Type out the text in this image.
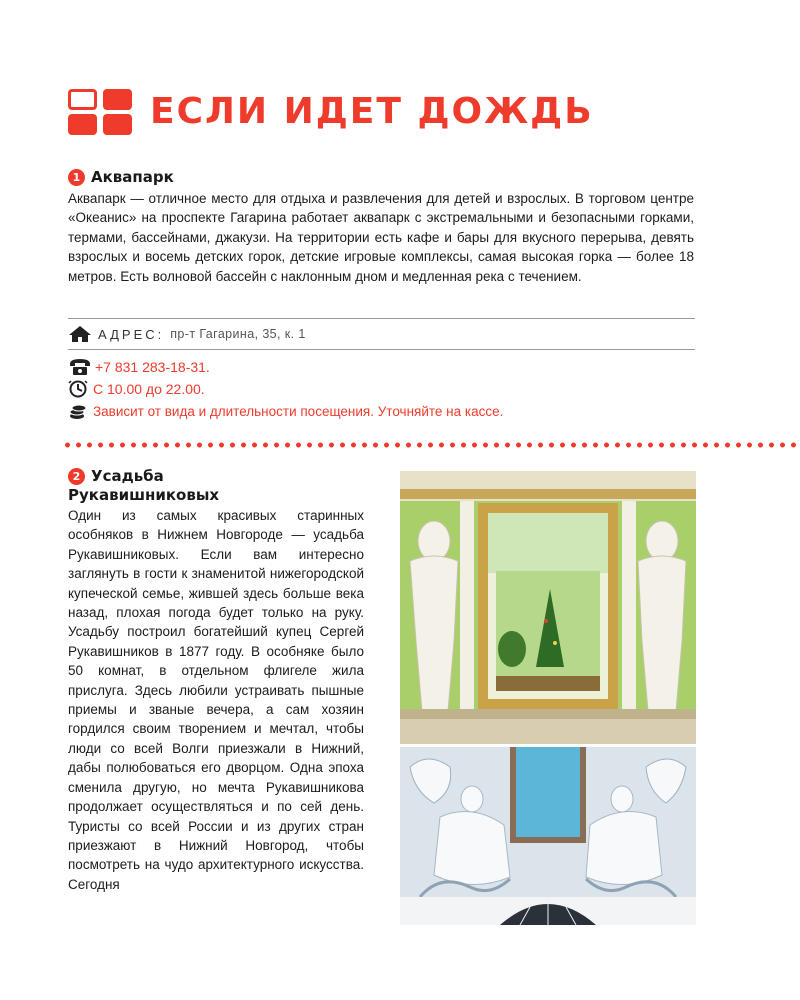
ЕСЛИ ИДЕТ ДОЖДЬ
1 Аквапарк
Аквапарк — отличное место для отдыха и развлечения для детей и взрослых. В торговом центре «Океанис» на проспекте Гагарина работает аквапарк с экстремальными и безопасными горками, термами, бассейнами, джакузи. На территории есть кафе и бары для вкусного перерыва, девять взрослых и восемь детских горок, детские игровые комплексы, самая высокая горка — более 18 метров. Есть волновой бассейн с наклонным дном и медленная река с течением.
АДРЕС: пр-т Гагарина, 35, к. 1
+7 831 283-18-31.
С 10.00 до 22.00.
Зависит от вида и длительности посещения. Уточняйте на кассе.
2 Усадьба
Рукавишниковых
Один из самых красивых старинных особняков в Нижнем Новгороде — усадьба Рукавишниковых. Если вам интересно заглянуть в гости к знаменитой нижегородской купеческой семье, жившей здесь больше века назад, плохая погода будет только на руку. Усадьбу построил богатейший купец Сергей Рукавишников в 1877 году. В особняке было 50 комнат, в отдельном флигеле жила прислуга. Здесь любили устраивать пышные приемы и званые вечера, а сам хозяин гордился своим творением и мечтал, чтобы люди со всей Волги приезжали в Нижний, дабы полюбоваться его дворцом. Одна эпоха сменила другую, но мечта Рукавишникова продолжает осуществляться и по сей день. Туристы со всей России и из других стран приезжают в Нижний Новгород, чтобы посмотреть на чудо архитектурного искусства. Сегодня
